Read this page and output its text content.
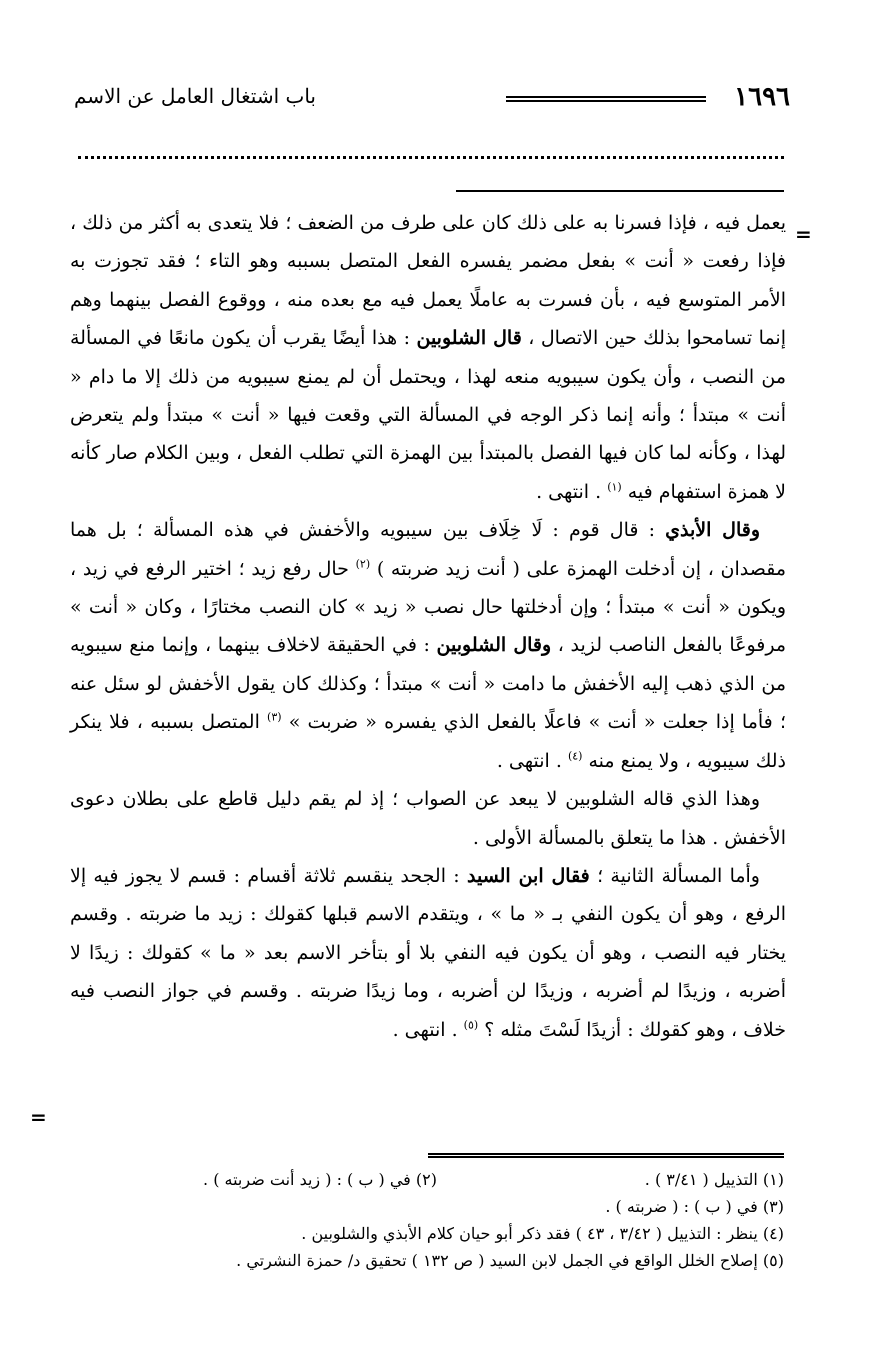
١٦٩٦
باب اشتغال العامل عن الاسم
=

يعمل فيه ، فإذا فسرنا به على ذلك كان على طرف من الضعف ؛ فلا يتعدى به أكثر من ذلك ، فإذا رفعت « أنت » بفعل مضمر يفسره الفعل المتصل بسببه وهو التاء ؛ فقد تجوزت به الأمر المتوسع فيه ، بأن فسرت به عاملًا يعمل فيه مع بعده منه ، ووقوع الفصل بينهما وهم إنما تسامحوا بذلك حين الاتصال ، قال الشلوبين : هذا أيضًا يقرب أن يكون مانعًا في المسألة من النصب ، وأن يكون سيبويه منعه لهذا ، ويحتمل أن لم يمنع سيبويه من ذلك إلا ما دام « أنت » مبتدأ ؛ وأنه إنما ذكر الوجه في المسألة التي وقعت فيها « أنت » مبتدأ ولم يتعرض لهذا ، وكأنه لما كان فيها الفصل بالمبتدأ بين الهمزة التي تطلب الفعل ، وبين الكلام صار كأنه لا همزة استفهام فيه $^{(١)}$ . انتهى .

وقال الأبذي : قال قوم : لَا خِلَاف بين سيبويه والأخفش في هذه المسألة ؛ بل هما مقصدان ، إن أدخلت الهمزة على ( أنت زيد ضربته ) $^{(٢)}$ حال رفع زيد ؛ اختير الرفع في زيد ، ويكون « أنت » مبتدأ ؛ وإن أدخلتها حال نصب « زيد » كان النصب مختارًا ، وكان « أنت » مرفوعًا بالفعل الناصب لزيد ، وقال الشلوبين : في الحقيقة لاخلاف بينهما ، وإنما منع سيبويه من الذي ذهب إليه الأخفش ما دامت « أنت » مبتدأ ؛ وكذلك كان يقول الأخفش لو سئل عنه ؛ فأما إذا جعلت « أنت » فاعلًا بالفعل الذي يفسره « ضربت » $^{(٣)}$ المتصل بسببه ، فلا ينكر ذلك سيبويه ، ولا يمنع منه $^{(٤)}$ . انتهى .

وهذا الذي قاله الشلوبين لا يبعد عن الصواب ؛ إذ لم يقم دليل قاطع على بطلان دعوى الأخفش . هذا ما يتعلق بالمسألة الأولى .

وأما المسألة الثانية ؛ فقال ابن السيد : الجحد ينقسم ثلاثة أقسام : قسم لا يجوز فيه إلا الرفع ، وهو أن يكون النفي بـ « ما » ، ويتقدم الاسم قبلها كقولك : زيد ما ضربته . وقسم يختار فيه النصب ، وهو أن يكون فيه النفي بلا أو بتأخر الاسم بعد « ما » كقولك : زيدًا لا أضربه ، وزيدًا لم أضربه ، وزيدًا لن أضربه ، وما زيدًا ضربته . وقسم في جواز النصب فيه خلاف ، وهو كقولك : أزيدًا لَسْتَ مثله ؟ $^{(٥)}$ . انتهى .

=
(١) التذييل ( ٣/٤١ ) .
(٢) في ( ب ) : ( زيد أنت ضربته ) .
(٣) في ( ب ) : ( ضربته ) .
(٤) ينظر : التذييل ( ٣/٤٢ ، ٤٣ ) فقد ذكر أبو حيان كلام الأبذي والشلوبين .
(٥) إصلاح الخلل الواقع في الجمل لابن السيد ( ص ١٣٢ ) تحقيق د/ حمزة النشرتي .
